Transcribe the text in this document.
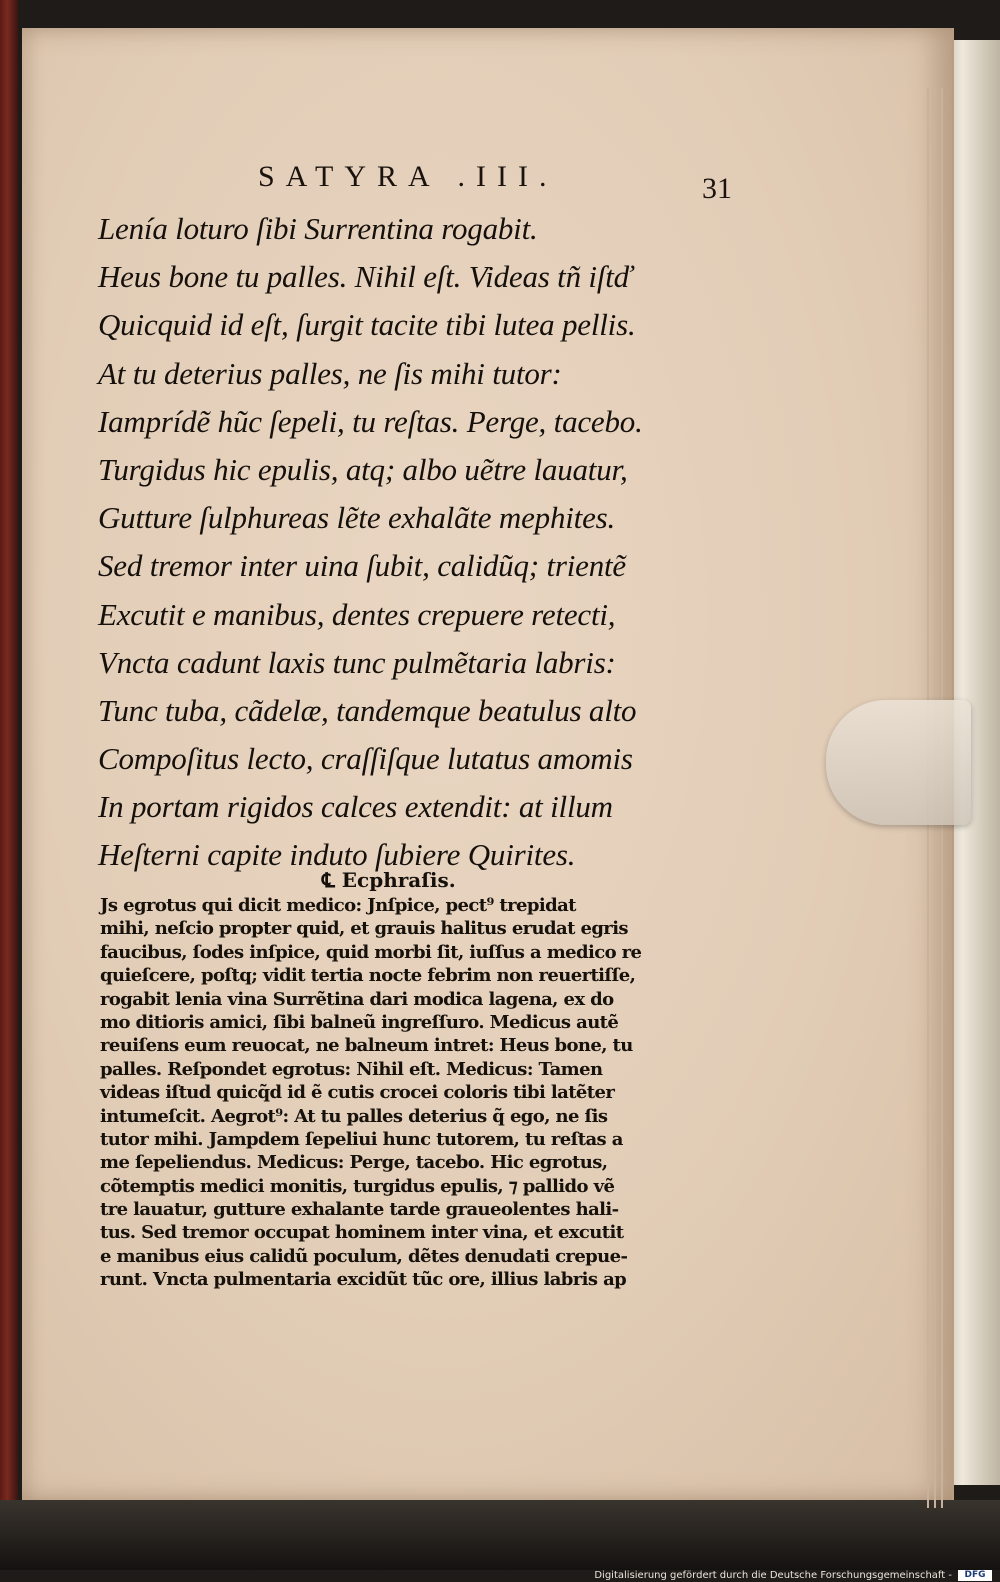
SATYRA .III.	31
Lenía loturo ſibi Surrentina rogabit.
Heus bone tu palles. Nihil eſt. Videas tñ iſtď
Quicquid id eſt, ſurgit tacite tibi lutea pellis.
At tu deterius palles, ne ſis mihi tutor:
Iamprídẽ hũc ſepeli, tu reſtas. Perge, tacebo.
Turgidus hic epulis, atq; albo uẽtre lauatur,
Gutture ſulphureas lẽte exhalãte mephites.
Sed tremor inter uina ſubit, calidũq; trientẽ
Excutit e manibus, dentes crepuere retecti,
Vncta cadunt laxis tunc pulmẽtaria labris:
Tunc tuba, cãdelæ, tandemque beatulus alto
Compoſitus lecto, craſſiſque lutatus amomis
In portam rigidos calces extendit: at illum
Heſterni capite induto ſubiere Quirites.
℄ Ecphraſis.
Js egrotus qui dicit medico: Jnſpice, pect⁹ trepidat
mihi, neſcio propter quid, et grauis halitus erudat egris
faucibus, ſodes inſpice, quid morbi ſit, iuſſus a medico re
quieſcere, poſtq; vidit tertia nocte febrim non reuertiſſe,
rogabit lenia vina Surrẽtina dari modica lagena, ex do
mo ditioris amici, ſibi balneũ ingreſſuro. Medicus autẽ
reuiſens eum reuocat, ne balneum intret: Heus bone, tu
palles. Reſpondet egrotus: Nihil eſt. Medicus: Tamen
videas iſtud quicq̃d id ẽ cutis crocei coloris tibi latẽter
intumeſcit. Aegrot⁹: At tu palles deterius q̃ ego, ne ſis
tutor mihi. Jampdem ſepeliui hunc tutorem, tu reſtas a
me ſepeliendus. Medicus: Perge, tacebo. Hic egrotus,
cõtemptis medici monitis, turgidus epulis, ⁊ pallido vẽ
tre lauatur, gutture exhalante tarde graueolentes hali-
tus. Sed tremor occupat hominem inter vina, et excutit
e manibus eius calidũ poculum, dẽtes denudati crepue-
runt. Vncta pulmentaria excidũt tũc ore, illius labris ap
Digitalisierung gefördert durch die Deutsche Forschungsgemeinschaft -	DFG
